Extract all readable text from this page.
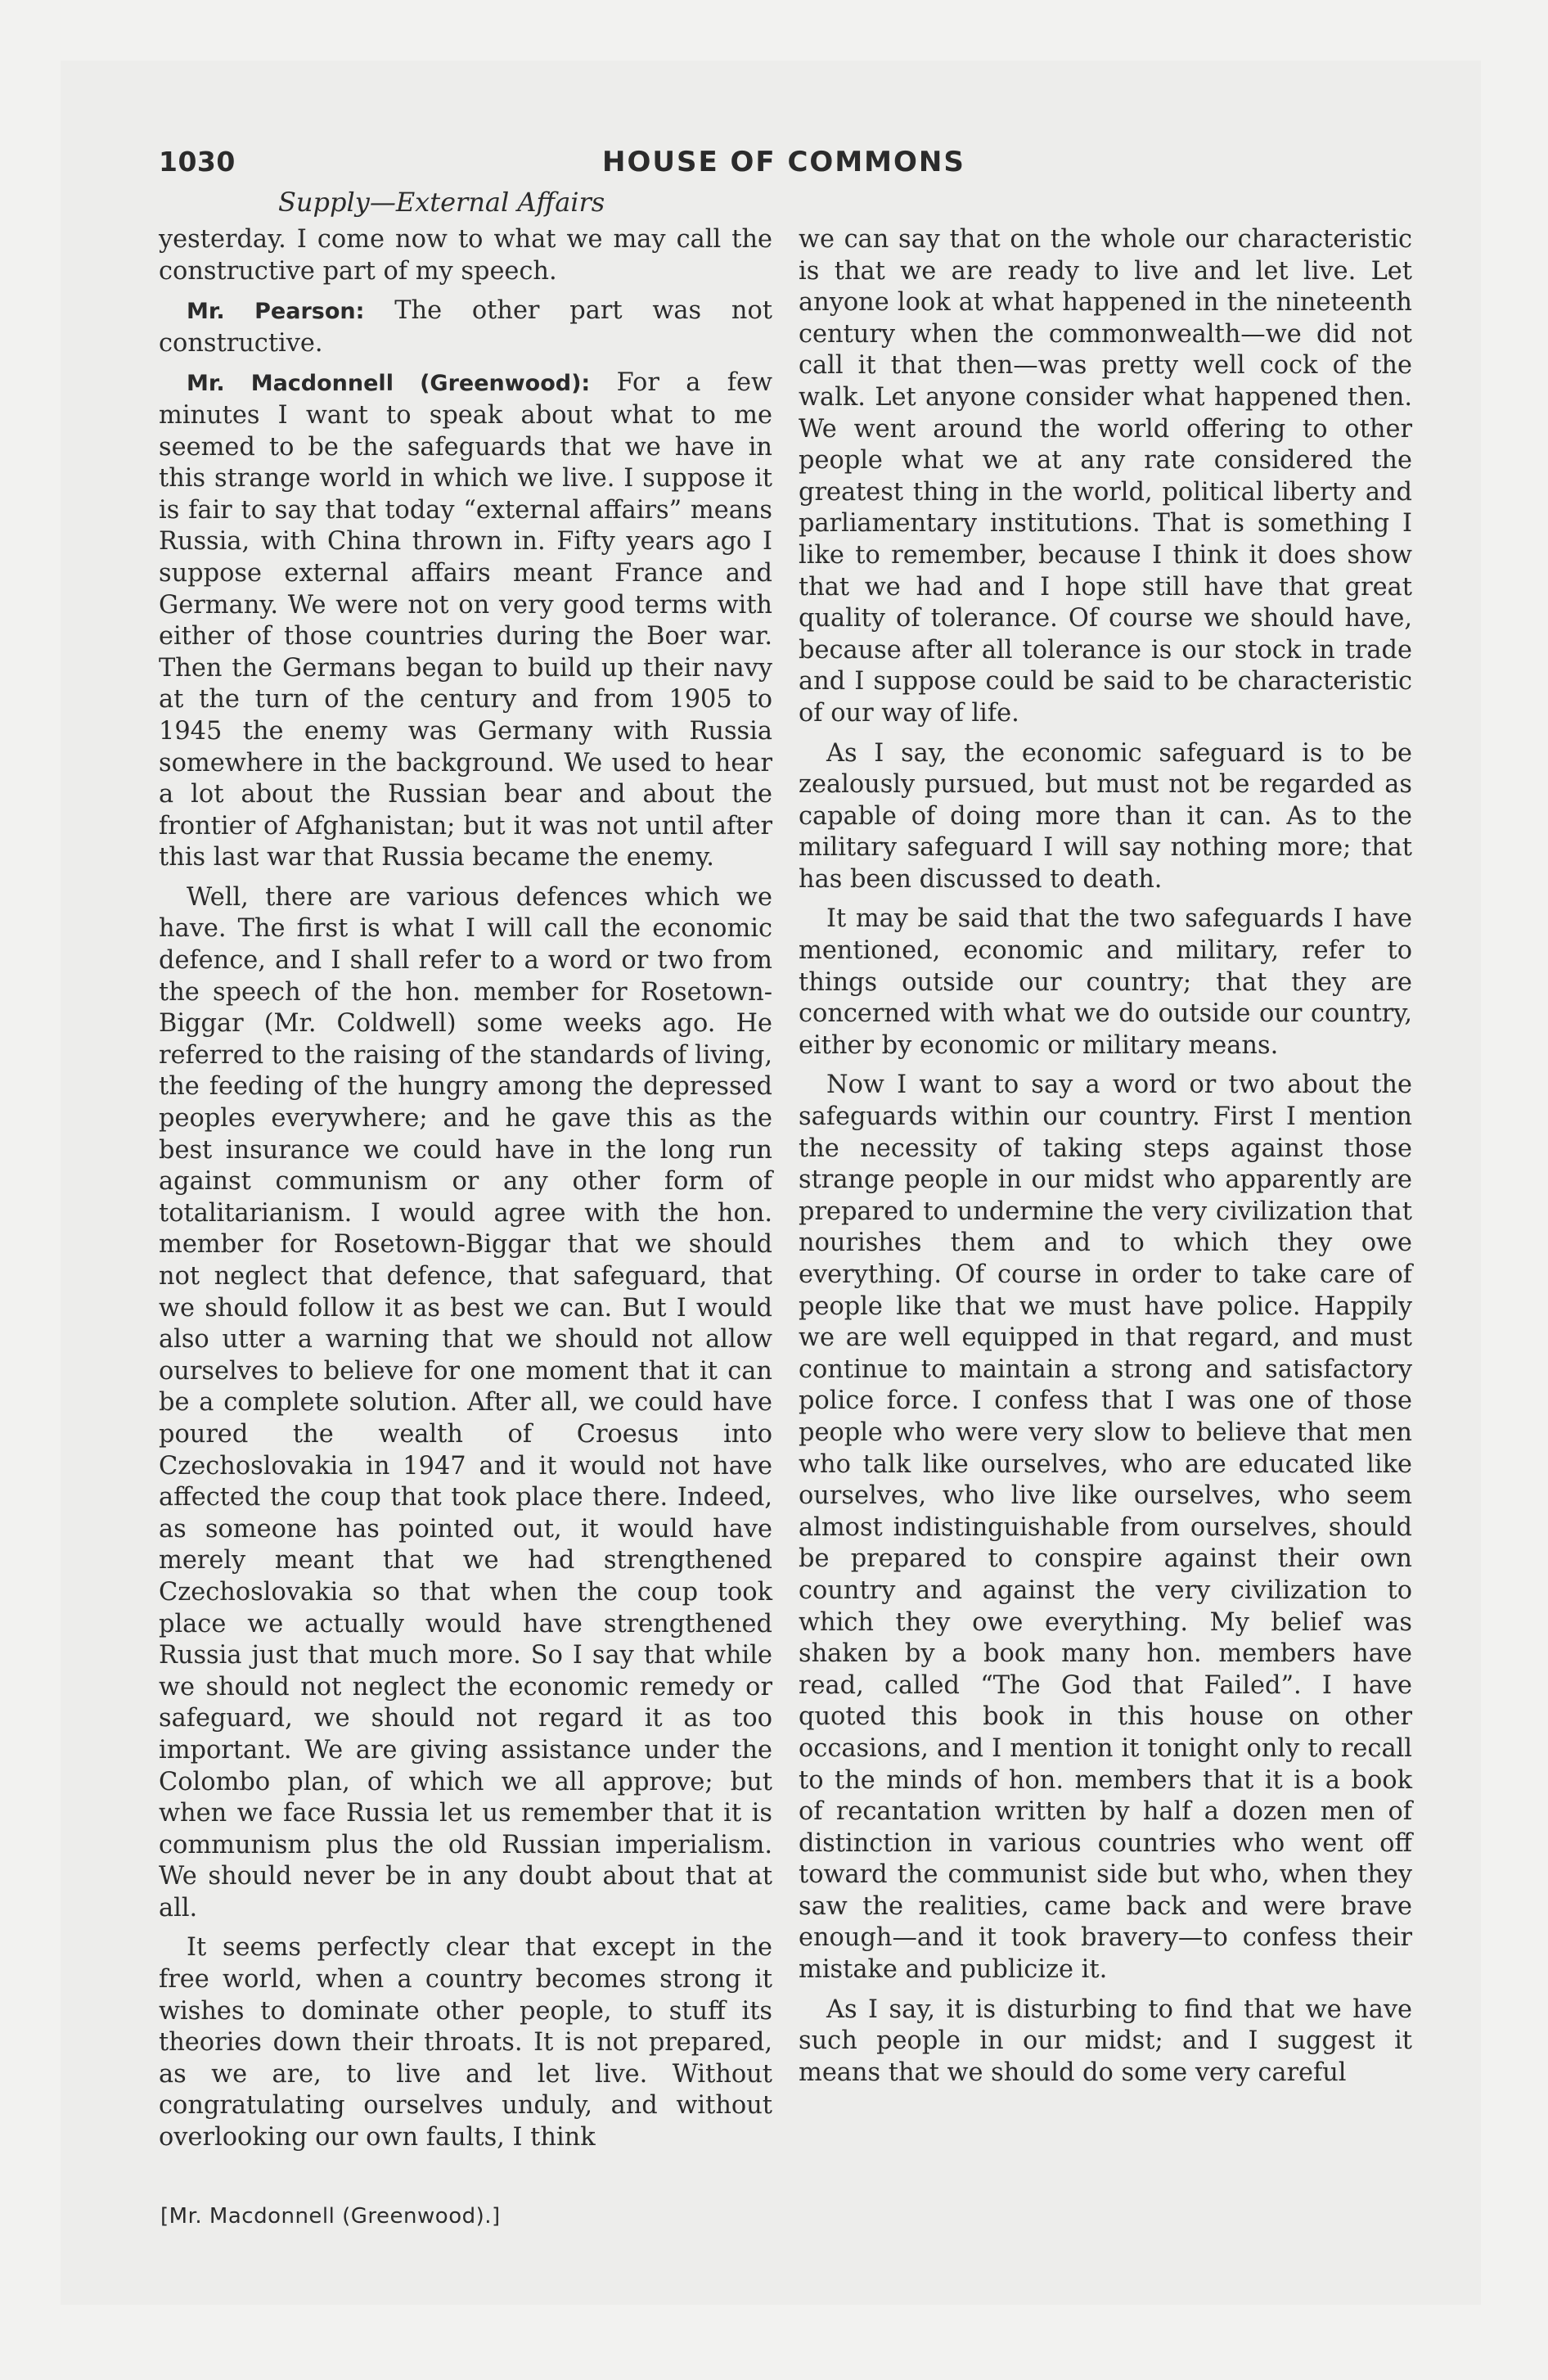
1030	HOUSE OF COMMONS
Supply—External Affairs

yesterday. I come now to what we may call the constructive part of my speech.

Mr. Pearson: The other part was not constructive.

Mr. Macdonnell (Greenwood): For a few minutes I want to speak about what to me seemed to be the safeguards that we have in this strange world in which we live. I suppose it is fair to say that today “external affairs” means Russia, with China thrown in. Fifty years ago I suppose external affairs meant France and Germany. We were not on very good terms with either of those countries during the Boer war. Then the Germans began to build up their navy at the turn of the century and from 1905 to 1945 the enemy was Germany with Russia somewhere in the background. We used to hear a lot about the Russian bear and about the frontier of Afghanistan; but it was not until after this last war that Russia became the enemy.

Well, there are various defences which we have. The first is what I will call the economic defence, and I shall refer to a word or two from the speech of the hon. member for Rosetown-Biggar (Mr. Coldwell) some weeks ago. He referred to the raising of the standards of living, the feeding of the hungry among the depressed peoples everywhere; and he gave this as the best insurance we could have in the long run against communism or any other form of totalitarianism. I would agree with the hon. member for Rosetown-Biggar that we should not neglect that defence, that safeguard, that we should follow it as best we can. But I would also utter a warning that we should not allow ourselves to believe for one moment that it can be a complete solution. After all, we could have poured the wealth of Croesus into Czechoslovakia in 1947 and it would not have affected the coup that took place there. Indeed, as someone has pointed out, it would have merely meant that we had strengthened Czechoslovakia so that when the coup took place we actually would have strengthened Russia just that much more. So I say that while we should not neglect the economic remedy or safeguard, we should not regard it as too important. We are giving assistance under the Colombo plan, of which we all approve; but when we face Russia let us remember that it is communism plus the old Russian imperialism. We should never be in any doubt about that at all.

It seems perfectly clear that except in the free world, when a country becomes strong it wishes to dominate other people, to stuff its theories down their throats. It is not prepared, as we are, to live and let live. Without congratulating ourselves unduly, and without overlooking our own faults, I think

we can say that on the whole our characteristic is that we are ready to live and let live. Let anyone look at what happened in the nineteenth century when the commonwealth—we did not call it that then—was pretty well cock of the walk. Let anyone consider what happened then. We went around the world offering to other people what we at any rate considered the greatest thing in the world, political liberty and parliamentary institutions. That is something I like to remember, because I think it does show that we had and I hope still have that great quality of tolerance. Of course we should have, because after all tolerance is our stock in trade and I suppose could be said to be characteristic of our way of life.

As I say, the economic safeguard is to be zealously pursued, but must not be regarded as capable of doing more than it can. As to the military safeguard I will say nothing more; that has been discussed to death.

It may be said that the two safeguards I have mentioned, economic and military, refer to things outside our country; that they are concerned with what we do outside our country, either by economic or military means.

Now I want to say a word or two about the safeguards within our country. First I mention the necessity of taking steps against those strange people in our midst who apparently are prepared to undermine the very civilization that nourishes them and to which they owe everything. Of course in order to take care of people like that we must have police. Happily we are well equipped in that regard, and must continue to maintain a strong and satisfactory police force. I confess that I was one of those people who were very slow to believe that men who talk like ourselves, who are educated like ourselves, who live like ourselves, who seem almost indistinguishable from ourselves, should be prepared to conspire against their own country and against the very civilization to which they owe everything. My belief was shaken by a book many hon. members have read, called “The God that Failed”. I have quoted this book in this house on other occasions, and I mention it tonight only to recall to the minds of hon. members that it is a book of recantation written by half a dozen men of distinction in various countries who went off toward the communist side but who, when they saw the realities, came back and were brave enough—and it took bravery—to confess their mistake and publicize it.

As I say, it is disturbing to find that we have such people in our midst; and I suggest it means that we should do some very careful

[Mr. Macdonnell (Greenwood).]
